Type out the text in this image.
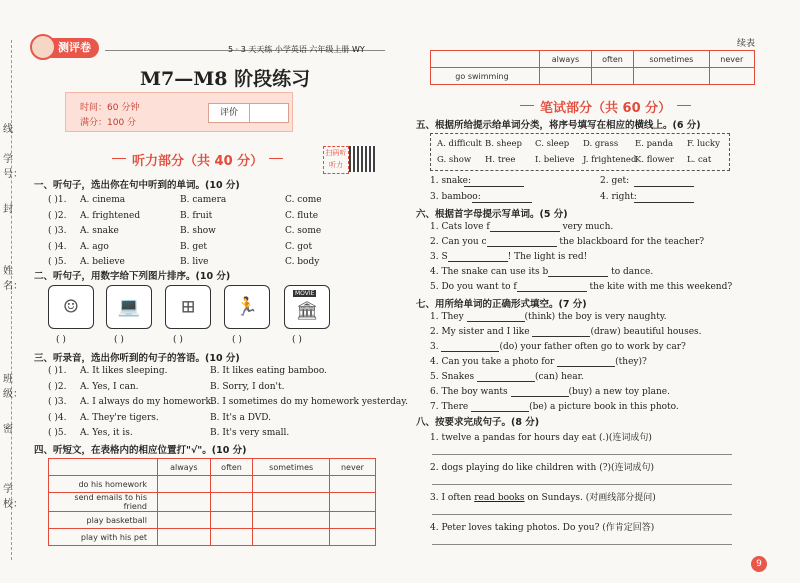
学号：
线
封
姓名：
班级：
密
学校：
测评卷	5 · 3 天天练 小学英语 六年级上册 WY
续表
M7—M8 阶段练习
时间：60 分钟
满分：100 分
评价
听力部分（共 40 分）
扫码听听力
一、听句子，选出你在句中听到的单词。(10 分)
( )1. A. cinema	B. camera	C. come
( )2. A. frightened	B. fruit	C. flute
( )3. A. snake	B. show	C. some
( )4. A. ago	B. get	C. got
( )5. A. believe	B. live	C. body
二、听句子，用数字给下列图片排序。(10 分)
☺ 💻 ⊞ 🏃
MOVIE
🏛
( )	( )	( )	( )	( )
三、听录音，选出你听到的句子的答语。(10 分)
( )1. A. It likes sleeping.	B. It likes eating bamboo.
( )2. A. Yes, I can.	B. Sorry, I don't.
( )3. A. I always do my homework.
B. I sometimes do my homework yesterday.
( )4. A. They're tigers.	B. It's a DVD.
( )5. A. Yes, it is.	B. It's very small.
四、听短文，在表格内的相应位置打"√"。(10 分)
	always	often	sometimes	never
do his homework				
send emails to his friend				
play basketball				
play with his pet				
	always	often	sometimes	never
go swimming				
笔试部分（共 60 分）
五、根据所给提示给单词分类，将序号填写在相应的横线上。(6 分)
A. difficult B. sheep C. sleep D. grass E. panda F. lucky
G. show H. tree I. believe J. frightened
K. flower L. cat
1. snake:	2. get:
3. bamboo:	4. right:
六、根据首字母提示写单词。(5 分)
1. Cats love f	very much.
2. Can you c	the blackboard for the teacher?
3. S	! The light is red!
4. The snake can use its b	to dance.
5. Do you want to f	the kite with me this weekend?
七、用所给单词的正确形式填空。(7 分)
1. They	(think) the boy is very naughty.
2. My sister and I like	(draw) beautiful houses.
3.	(do) your father often go to work by car?
4. Can you take a photo for	(they)?
5. Snakes	(can) hear.
6. The boy wants	(buy) a new toy plane.
7. There	(be) a picture book in this photo.
八、按要求完成句子。(8 分)
1. twelve a pandas for hours day eat (.)(连词成句)
2. dogs playing do like children with (?)(连词成句)
3. I often read books on Sundays. (对画线部分提问)
4. Peter loves taking photos. Do you? (作肯定回答)
9
